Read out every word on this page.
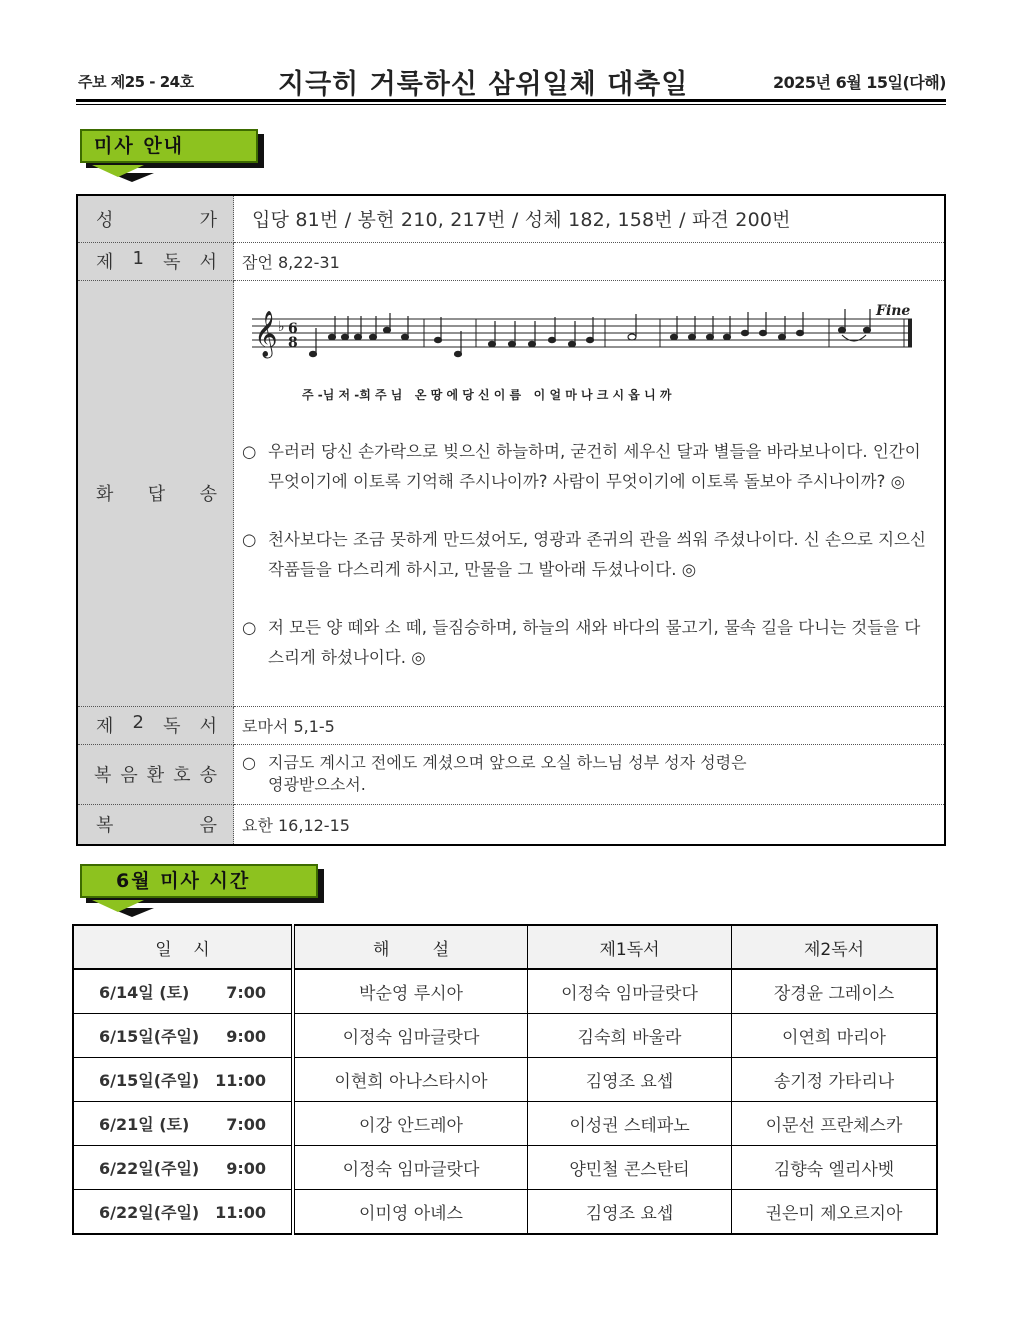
주보 제25 - 24호	지극히 거룩하신 삼위일체 대축일	2025년 6월 15일(다해)
미사 안내
성 가	입당 81번 / 봉헌 210, 217번 / 성체 182, 158번 / 파견 200번

제 1 독 서	잠언 8,22-31

화 답 송

𝄞 ♭ 6
8
Fine
주 -님 저 -희 주 님   온 땅 에 당 신 이 름   이 얼 마 나 크 시 옵 니 까
○ 우러러 당신 손가락으로 빚으신 하늘하며, 굳건히 세우신 달과 별들을 바라보나이다. 인간이 무엇이기에 이토록 기억해 주시나이까? 사람이 무엇이기에 이토록 돌보아 주시나이까? ◎
○ 천사보다는 조금 못하게 만드셨어도, 영광과 존귀의 관을 씌워 주셨나이다. 신 손으로 지으신 작품들을 다스리게 하시고, 만물을 그 발아래 두셨나이다. ◎
○ 저 모든 양 떼와 소 떼, 들짐승하며, 하늘의 새와 바다의 물고기, 물속 길을 다니는 것들을 다스리게 하셨나이다. ◎

제 2 독 서	로마서 5,1-5

복 음 환 호 송	○ 지금도 계시고 전에도 계셨으며 앞으로 오실 하느님 성부 성자 성령은
영광받으소서.

복 음	요한 16,12-15
6월 미사 시간
일    시	해        설	제1독서	제2독서
6/14일 (토) 7:00	박순영 루시아	이정숙 임마글랏다	장경윤 그레이스
6/15일(주일) 9:00	이정숙 임마글랏다	김숙희 바울라	이연희 마리아
6/15일(주일) 11:00	이현희 아나스타시아	김영조 요셉	송기정 가타리나
6/21일 (토) 7:00	이강 안드레아	이성권 스테파노	이문선 프란체스카
6/22일(주일) 9:00	이정숙 임마글랏다	양민철 콘스탄티	김향숙 엘리사벳
6/22일(주일) 11:00	이미영 아녜스	김영조 요셉	권은미 제오르지아
